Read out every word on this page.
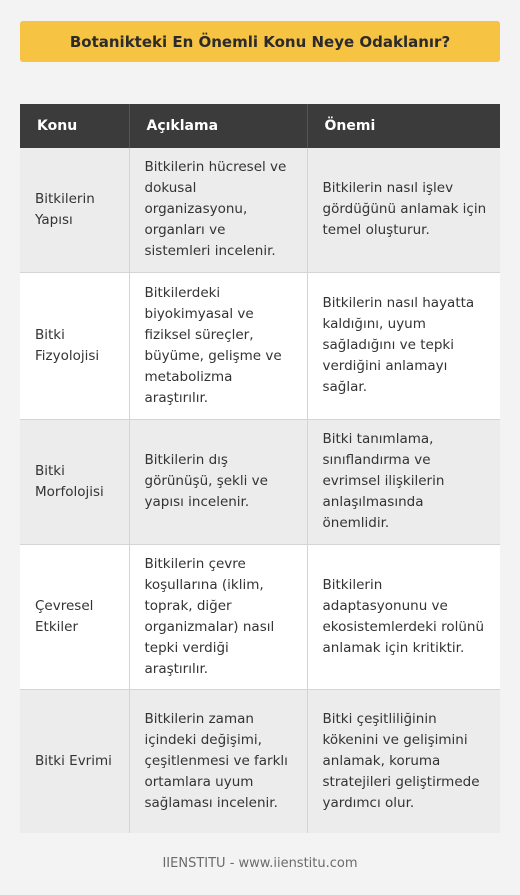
Botanikteki En Önemli Konu Neye Odaklanır?
Konu	Açıklama	Önemi
Bitkilerin Yapısı	Bitkilerin hücresel ve dokusal organizasyonu, organları ve sistemleri incelenir.	Bitkilerin nasıl işlev gördüğünü anlamak için temel oluşturur.
Bitki Fizyolojisi	Bitkilerdeki biyokimyasal ve fiziksel süreçler, büyüme, gelişme ve metabolizma araştırılır.	Bitkilerin nasıl hayatta kaldığını, uyum sağladığını ve tepki verdiğini anlamayı sağlar.
Bitki Morfolojisi	Bitkilerin dış görünüşü, şekli ve yapısı incelenir.	Bitki tanımlama, sınıflandırma ve evrimsel ilişkilerin anlaşılmasında önemlidir.
Çevresel Etkiler	Bitkilerin çevre koşullarına (iklim, toprak, diğer organizmalar) nasıl tepki verdiği araştırılır.	Bitkilerin adaptasyonunu ve ekosistemlerdeki rolünü anlamak için kritiktir.
Bitki Evrimi	Bitkilerin zaman içindeki değişimi, çeşitlenmesi ve farklı ortamlara uyum sağlaması incelenir.	Bitki çeşitliliğinin kökenini ve gelişimini anlamak, koruma stratejileri geliştirmede yardımcı olur.
IIENSTITU - www.iienstitu.com
